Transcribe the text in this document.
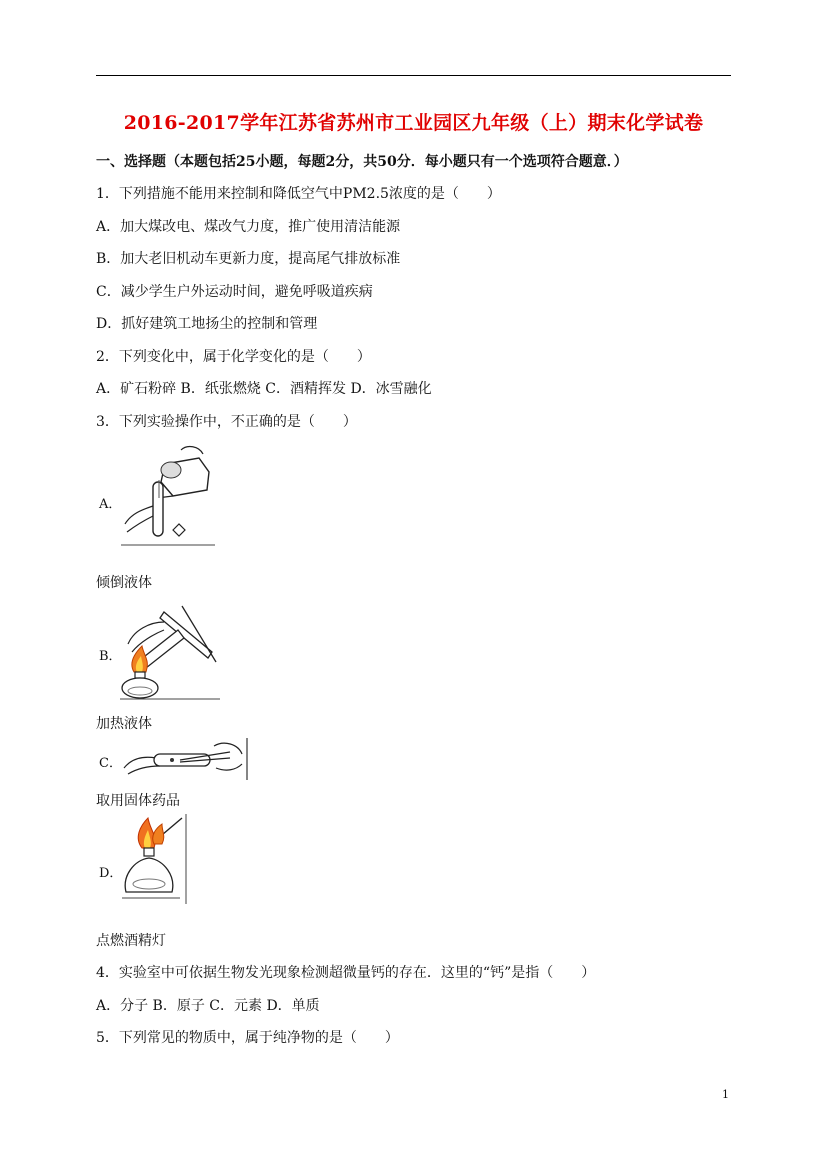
2016-2017学年江苏省苏州市工业园区九年级（上）期末化学试卷
一、选择题（本题包括25小题，每题2分，共50分．每小题只有一个选项符合题意．）
1．下列措施不能用来控制和降低空气中PM2.5浓度的是（　　）
A．加大煤改电、煤改气力度，推广使用清洁能源
B．加大老旧机动车更新力度，提高尾气排放标准
C．减少学生户外运动时间，避免呼吸道疾病
D．抓好建筑工地扬尘的控制和管理
2．下列变化中，属于化学变化的是（　　）
A．矿石粉碎 B．纸张燃烧 C．酒精挥发 D．冰雪融化
3．下列实验操作中，不正确的是（　　）
A．
倾倒液体
B．
加热液体
C．
取用固体药品
D．
点燃酒精灯
4．实验室中可依据生物发光现象检测超微量钙的存在．这里的“钙”是指（　　）
A．分子 B．原子 C．元素 D．单质
5．下列常见的物质中，属于纯净物的是（　　）
1
